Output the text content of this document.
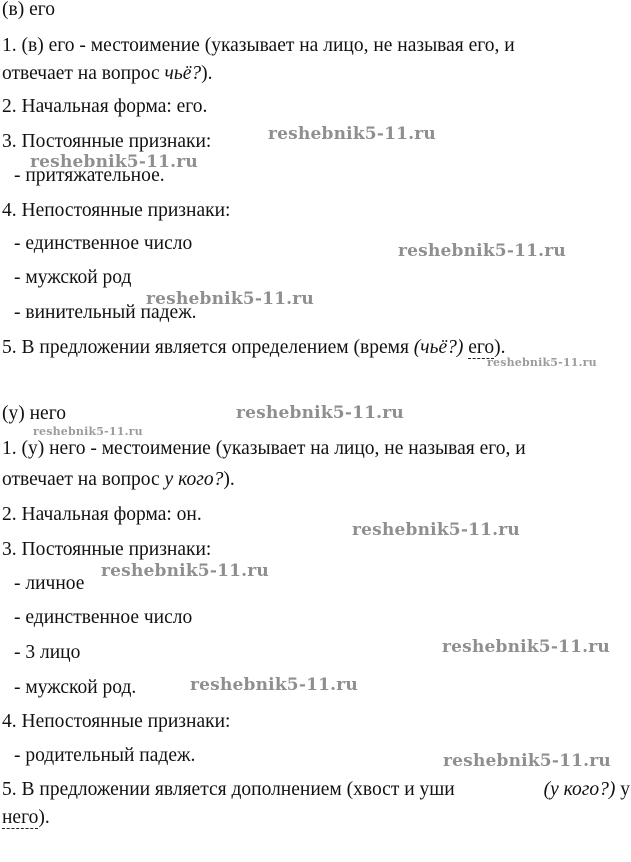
(в) его
1. (в) его - местоимение (указывает на лицо, не называя его, и
отвечает на вопрос чьё?).
2. Начальная форма: его.
3. Постоянные признаки:
- притяжательное.
4. Непостоянные признаки:
- единственное число
- мужской род
- винительный падеж.
5. В предложении является определением (время (чьё?) его).
(у) него
1. (у) него - местоимение (указывает на лицо, не называя его, и
отвечает на вопрос у кого?).
2. Начальная форма: он.
3. Постоянные признаки:
- личное
- единственное число
- 3 лицо
- мужской род.
4. Непостоянные признаки:
- родительный падеж.
5. В предложении является дополнением (хвост и уши	(у кого?) у
него).
reshebnik5-11.ru
reshebnik5-11.ru
reshebnik5-11.ru
reshebnik5-11.ru
reshebnik5-11.ru
reshebnik5-11.ru
reshebnik5-11.ru
reshebnik5-11.ru
reshebnik5-11.ru
reshebnik5-11.ru
reshebnik5-11.ru
reshebnik5-11.ru
